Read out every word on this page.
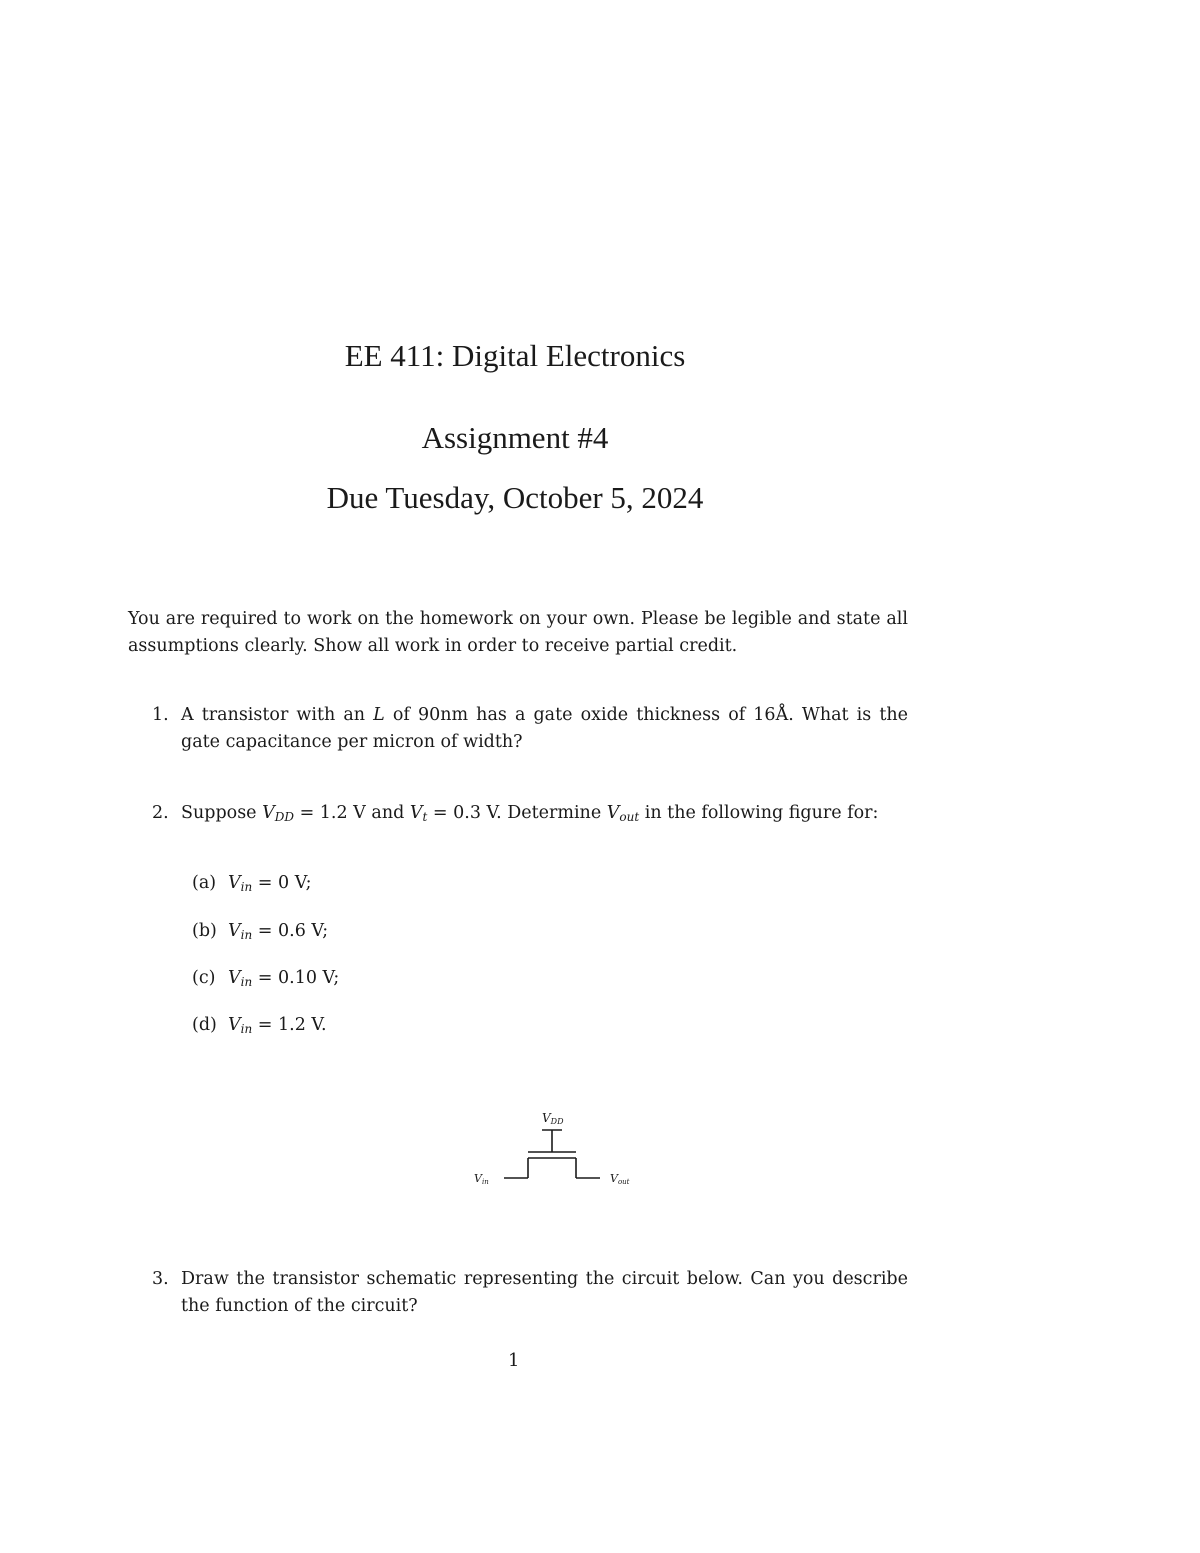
EE 411: Digital Electronics
Assignment #4
Due Tuesday, October 5, 2024
You are required to work on the homework on your own. Please be legible and state all assumptions clearly. Show all work in order to receive partial credit.
1. A transistor with an L of 90nm has a gate oxide thickness of 16Å. What is the gate capacitance per micron of width?
2. Suppose VDD = 1.2 V and Vt = 0.3 V. Determine Vout in the following figure for:
(a) Vin = 0 V;
(b) Vin = 0.6 V;
(c) Vin = 0.10 V;
(d) Vin = 1.2 V.
VDD
Vin	Vout
3. Draw the transistor schematic representing the circuit below. Can you describe the function of the circuit?
1
